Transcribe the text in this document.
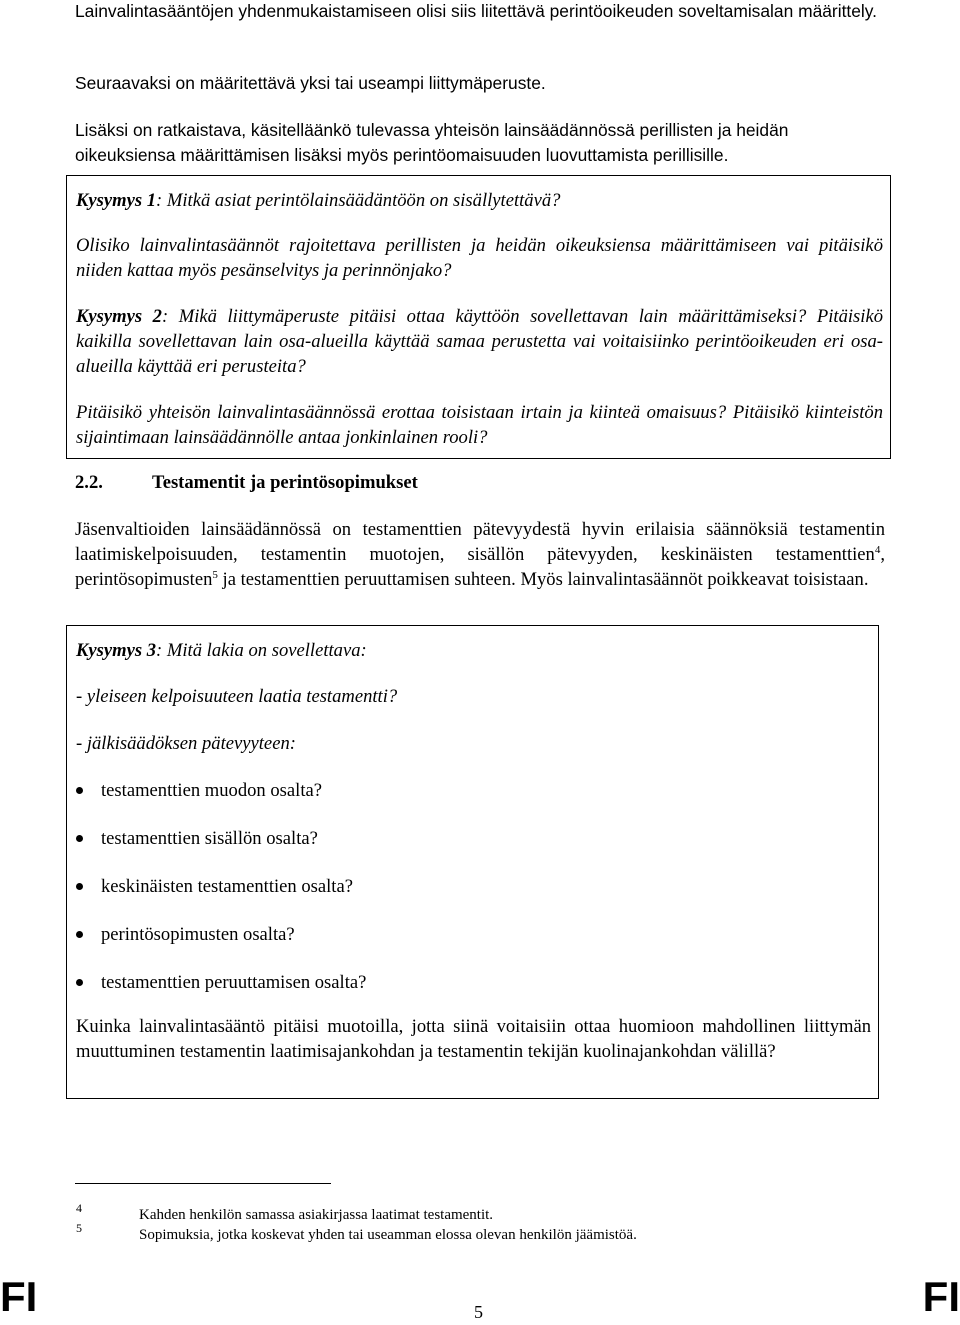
Lainvalintasääntöjen yhdenmukaistamiseen olisi siis liitettävä perintöoikeuden soveltamisalan määrittely.

Seuraavaksi on määritettävä yksi tai useampi liittymäperuste.

Lisäksi on ratkaistava, käsitelläänkö tulevassa yhteisön lainsäädännössä perillisten ja heidän oikeuksiensa määrittämisen lisäksi myös perintöomaisuuden luovuttamista perillisille.

Kysymys 1: Mitkä asiat perintölainsäädäntöön on sisällytettävä?

Olisiko lainvalintasäännöt rajoitettava perillisten ja heidän oikeuksiensa määrittämiseen vai pitäisikö niiden kattaa myös pesänselvitys ja perinnönjako?

Kysymys 2: Mikä liittymäperuste pitäisi ottaa käyttöön sovellettavan lain määrittämiseksi? Pitäisikö kaikilla sovellettavan lain osa-alueilla käyttää samaa perustetta vai voitaisiinko perintöoikeuden eri osa-alueilla käyttää eri perusteita?

Pitäisikö yhteisön lainvalintasäännössä erottaa toisistaan irtain ja kiinteä omaisuus? Pitäisikö kiinteistön sijaintimaan lainsäädännölle antaa jonkinlainen rooli?

2.2.	Testamentit ja perintösopimukset

Jäsenvaltioiden lainsäädännössä on testamenttien pätevyydestä hyvin erilaisia säännöksiä testamentin laatimiskelpoisuuden, testamentin muotojen, sisällön pätevyyden, keskinäisten testamenttien$^4$, perintösopimusten$^5$ ja testamenttien peruuttamisen suhteen. Myös lainvalintasäännöt poikkeavat toisistaan.

Kysymys 3: Mitä lakia on sovellettava:

- yleiseen kelpoisuuteen laatia testamentti?

- jälkisäädöksen pätevyyteen:

testamenttien muodon osalta?
testamenttien sisällön osalta?
keskinäisten testamenttien osalta?
perintösopimusten osalta?
testamenttien peruuttamisen osalta?

Kuinka lainvalintasääntö pitäisi muotoilla, jotta siinä voitaisiin ottaa huomioon mahdollinen liittymän muuttuminen testamentin laatimisajankohdan ja testamentin tekijän kuolinajankohdan välillä?

4	Kahden henkilön samassa asiakirjassa laatimat testamentit.
5	Sopimuksia, jotka koskevat yhden tai useamman elossa olevan henkilön jäämistöä.
FI	5	FI
